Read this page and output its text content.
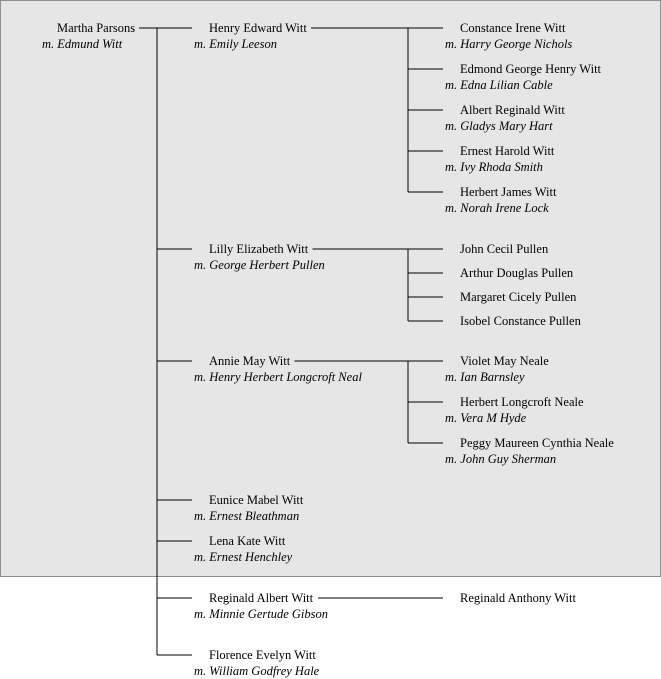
Martha Parsons
m. Edmund Witt
Henry Edward Witt
m. Emily Leeson
Constance Irene Witt
m. Harry George Nichols
Edmond George Henry Witt
m. Edna Lilian Cable
Albert Reginald Witt
m. Gladys Mary Hart
Ernest Harold Witt
m. Ivy Rhoda Smith
Herbert James Witt
m. Norah Irene Lock
Lilly Elizabeth Witt
m. George Herbert Pullen
John Cecil Pullen
Arthur Douglas Pullen
Margaret Cicely Pullen
Isobel Constance Pullen
Annie May Witt
m. Henry Herbert Longcroft Neal
Violet May Neale
m. Ian Barnsley
Herbert Longcroft Neale
m. Vera M Hyde
Peggy Maureen Cynthia Neale
m. John Guy Sherman
Eunice Mabel Witt
m. Ernest Bleathman
Lena Kate Witt
m. Ernest Henchley
Reginald Albert Witt
m. Minnie Gertude Gibson
Reginald Anthony Witt
Florence Evelyn Witt
m. William Godfrey Hale
